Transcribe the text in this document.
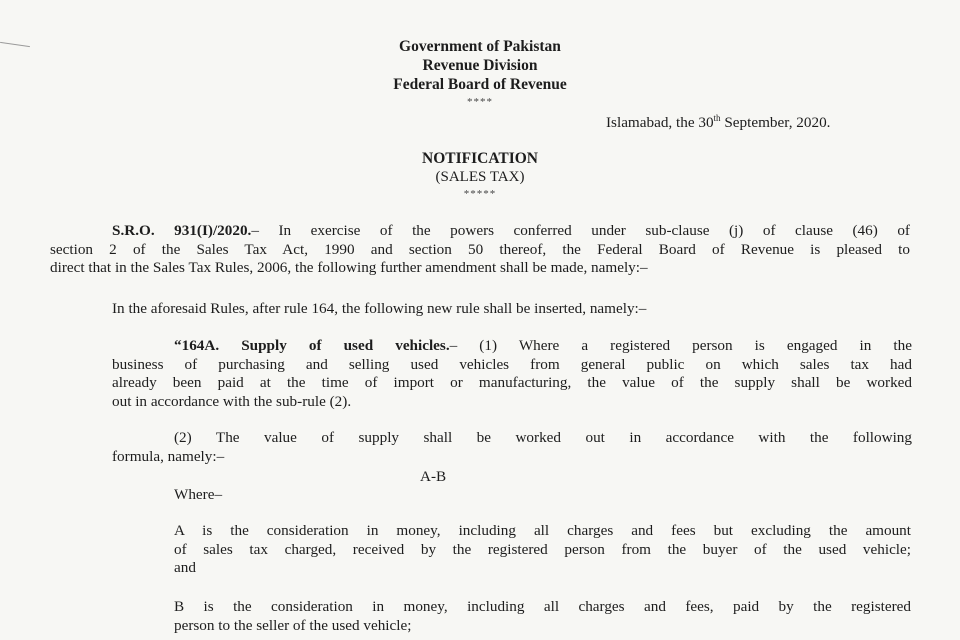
Government of Pakistan
Revenue Division
Federal Board of Revenue
****
Islamabad, the 30th September, 2020.
NOTIFICATION
(SALES TAX)
*****
S.R.O. 931(I)/2020.– In exercise of the powers conferred under sub-clause (j) of clause (46) of
section 2 of the Sales Tax Act, 1990 and section 50 thereof, the Federal Board of Revenue is pleased to
direct that in the Sales Tax Rules, 2006, the following further amendment shall be made, namely:–
In the aforesaid Rules, after rule 164, the following new rule shall be inserted, namely:–
“164A. Supply of used vehicles.– (1) Where a registered person is engaged in the
business of purchasing and selling used vehicles from general public on which sales tax had
already been paid at the time of import or manufacturing, the value of the supply shall be worked
out in accordance with the sub-rule (2).
(2) The value of supply shall be worked out in accordance with the following
formula, namely:–
A-B
Where–
A is the consideration in money, including all charges and fees but excluding the amount
of sales tax charged, received by the registered person from the buyer of the used vehicle;
and
B is the consideration in money, including all charges and fees, paid by the registered
person to the seller of the used vehicle;
